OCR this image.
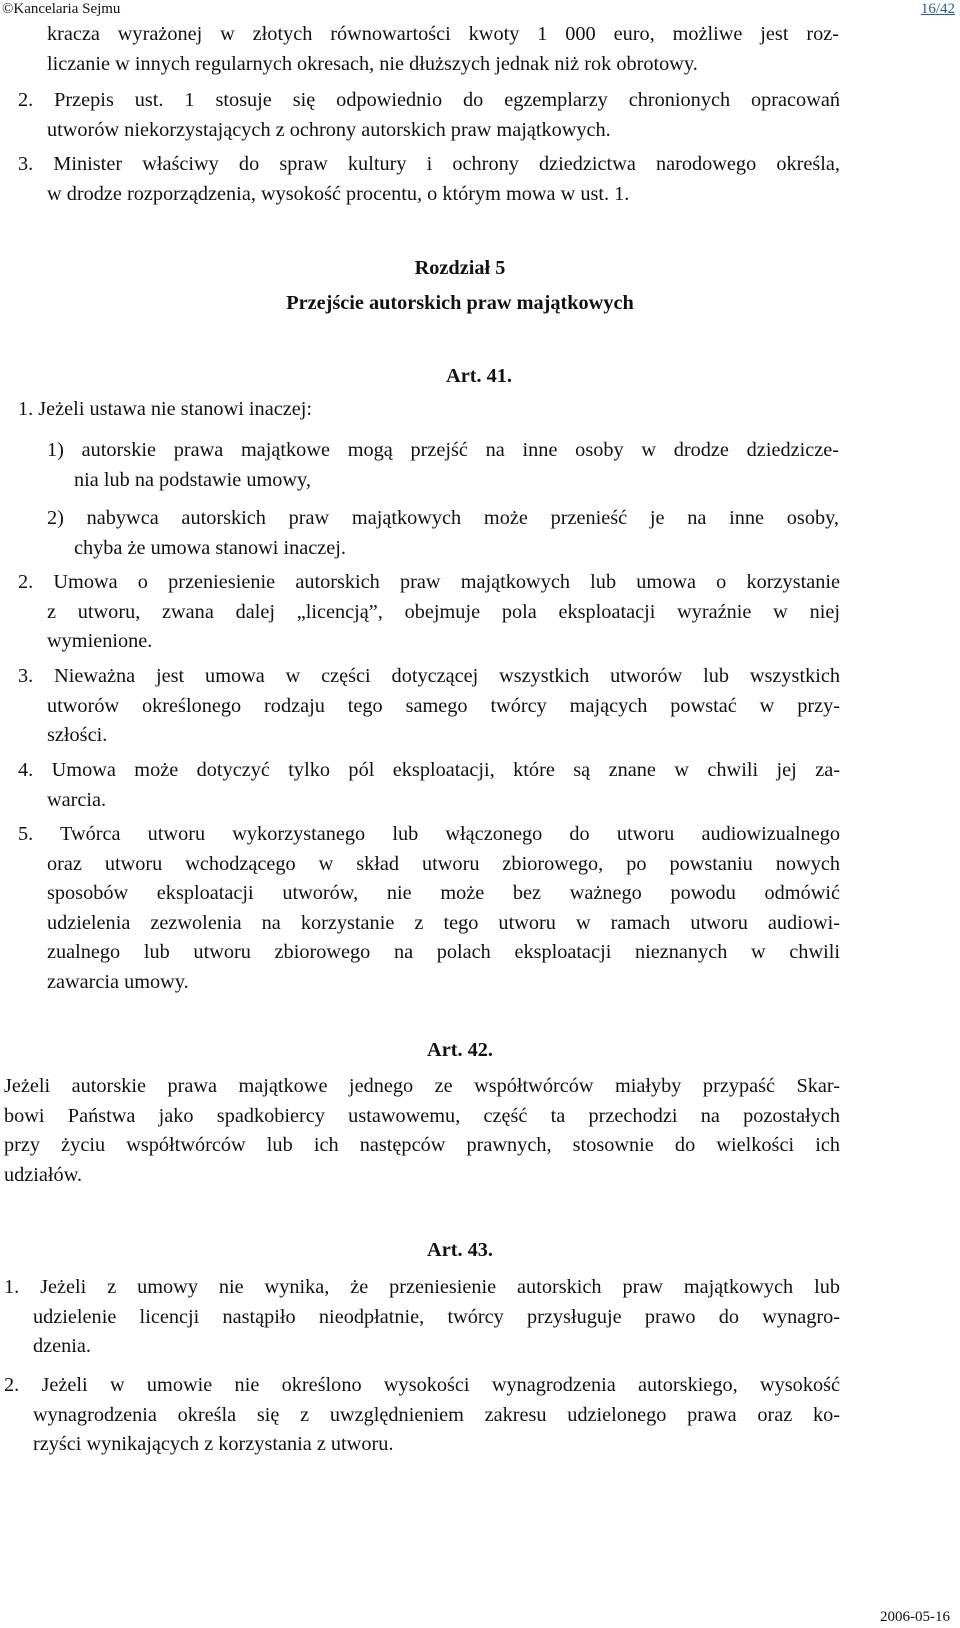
©Kancelaria Sejmu	16/42
kracza wyrażonej w złotych równowartości kwoty 1 000 euro, możliwe jest roz-
liczanie w innych regularnych okresach, nie dłuższych jednak niż rok obrotowy.
2. Przepis ust. 1 stosuje się odpowiednio do egzemplarzy chronionych opracowań
utworów niekorzystających z ochrony autorskich praw majątkowych.
3. Minister właściwy do spraw kultury i ochrony dziedzictwa narodowego określa,
w drodze rozporządzenia, wysokość procentu, o którym mowa w ust. 1.
Rozdział 5
Przejście autorskich praw majątkowych
Art. 41.
1. Jeżeli ustawa nie stanowi inaczej:
1) autorskie prawa majątkowe mogą przejść na inne osoby w drodze dziedzicze-
nia lub na podstawie umowy,
2) nabywca autorskich praw majątkowych może przenieść je na inne osoby,
chyba że umowa stanowi inaczej.
2. Umowa o przeniesienie autorskich praw majątkowych lub umowa o korzystanie
z utworu, zwana dalej „licencją”, obejmuje pola eksploatacji wyraźnie w niej
wymienione.
3. Nieważna jest umowa w części dotyczącej wszystkich utworów lub wszystkich
utworów określonego rodzaju tego samego twórcy mających powstać w przy-
szłości.
4. Umowa może dotyczyć tylko pól eksploatacji, które są znane w chwili jej za-
warcia.
5. Twórca utworu wykorzystanego lub włączonego do utworu audiowizualnego
oraz utworu wchodzącego w skład utworu zbiorowego, po powstaniu nowych
sposobów eksploatacji utworów, nie może bez ważnego powodu odmówić
udzielenia zezwolenia na korzystanie z tego utworu w ramach utworu audiowi-
zualnego lub utworu zbiorowego na polach eksploatacji nieznanych w chwili
zawarcia umowy.
Art. 42.
Jeżeli autorskie prawa majątkowe jednego ze współtwórców miałyby przypaść Skar-
bowi Państwa jako spadkobiercy ustawowemu, część ta przechodzi na pozostałych
przy życiu współtwórców lub ich następców prawnych, stosownie do wielkości ich
udziałów.
Art. 43.
1. Jeżeli z umowy nie wynika, że przeniesienie autorskich praw majątkowych lub
udzielenie licencji nastąpiło nieodpłatnie, twórcy przysługuje prawo do wynagro-
dzenia.
2. Jeżeli w umowie nie określono wysokości wynagrodzenia autorskiego, wysokość
wynagrodzenia określa się z uwzględnieniem zakresu udzielonego prawa oraz ko-
rzyści wynikających z korzystania z utworu.
2006-05-16
